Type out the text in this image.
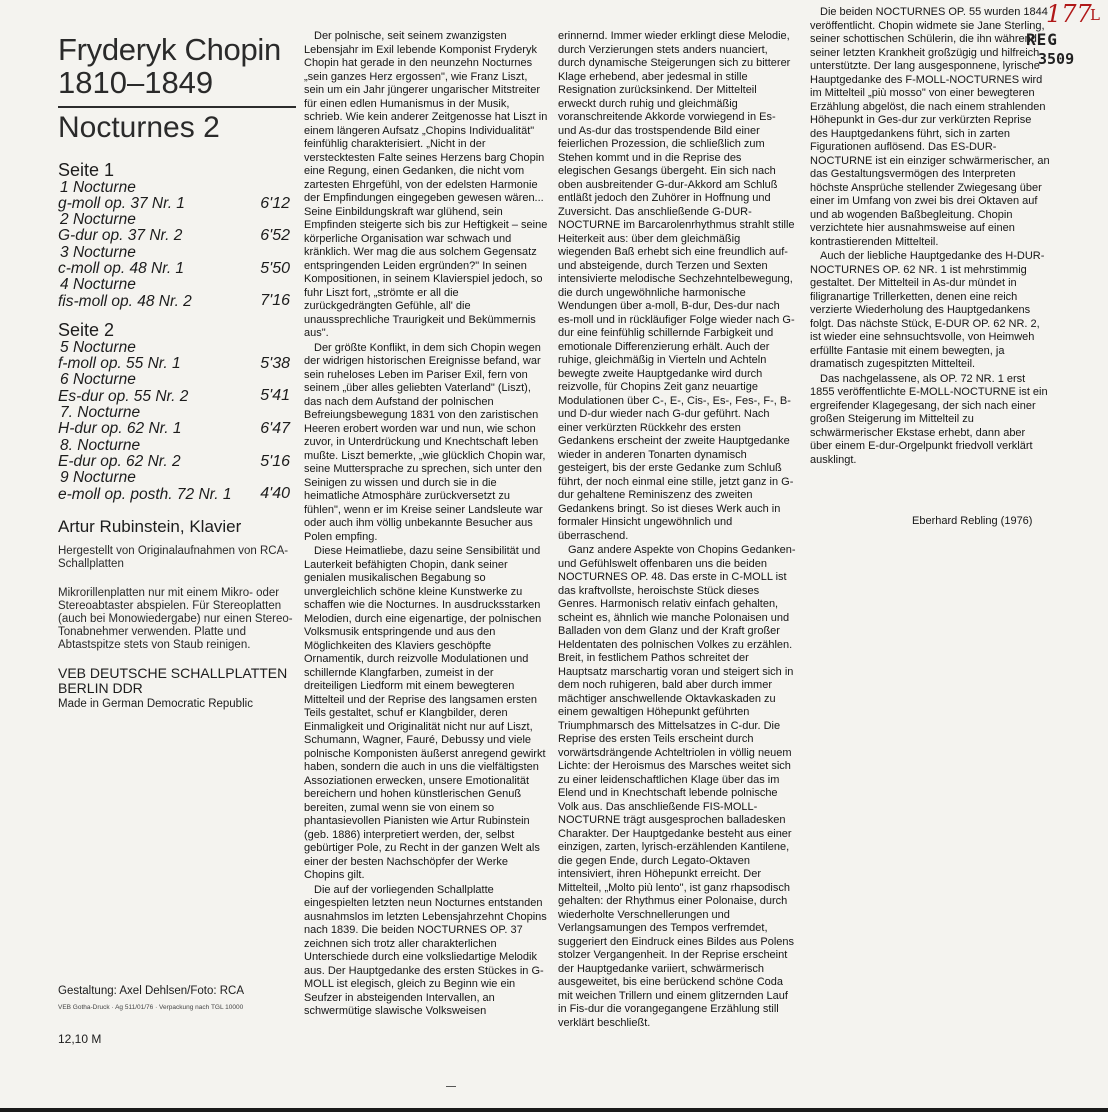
Fryderyk Chopin
1810–1849
Nocturnes 2
Seite 1
1 Nocturne
g-moll op. 37 Nr. 1	6'12
2 Nocturne
G-dur op. 37 Nr. 2	6'52
3 Nocturne
c-moll op. 48 Nr. 1	5'50
4 Nocturne
fis-moll op. 48 Nr. 2	7'16
Seite 2
5 Nocturne
f-moll op. 55 Nr. 1	5'38
6 Nocturne
Es-dur op. 55 Nr. 2	5'41
7. Nocturne
H-dur op. 62 Nr. 1	6'47
8. Nocturne
E-dur op. 62 Nr. 2	5'16
9 Nocturne
e-moll op. posth. 72 Nr. 1	4'40
Artur Rubinstein, Klavier
Hergestellt von Originalaufnahmen von RCA-Schallplatten
Mikrorillenplatten nur mit einem Mikro- oder Stereoabtaster abspielen. Für Stereoplatten (auch bei Monowiedergabe) nur einen Stereo-Tonabnehmer verwenden. Platte und Abtastspitze stets von Staub reinigen.
VEB DEUTSCHE SCHALLPLATTEN
BERLIN DDR
Made in German Democratic Republic
Gestaltung: Axel Dehlsen/Foto: RCA
VEB Gotha-Druck · Ag 511/01/76 · Verpackung nach TGL 10000
12,10 M

Der polnische, seit seinem zwanzigsten Lebensjahr im Exil lebende Komponist Fryderyk Chopin hat gerade in den neunzehn Nocturnes „sein ganzes Herz ergossen", wie Franz Liszt, sein um ein Jahr jüngerer ungarischer Mitstreiter für einen edlen Humanismus in der Musik, schrieb. Wie kein anderer Zeitgenosse hat Liszt in einem längeren Aufsatz „Chopins Individualität" feinfühlig charakterisiert. „Nicht in der verstecktesten Falte seines Herzens barg Chopin eine Regung, einen Gedanken, die nicht vom zartesten Ehrgefühl, von der edelsten Harmonie der Empfindungen eingegeben gewesen wären... Seine Einbildungskraft war glühend, sein Empfinden steigerte sich bis zur Heftigkeit – seine körperliche Organisation war schwach und kränklich. Wer mag die aus solchem Gegensatz entspringenden Leiden ergründen?" In seinen Kompositionen, in seinem Klavierspiel jedoch, so fuhr Liszt fort, „strömte er all die zurückgedrängten Gefühle, all' die unaussprechliche Traurigkeit und Bekümmernis aus".

Der größte Konflikt, in dem sich Chopin wegen der widrigen historischen Ereignisse befand, war sein ruheloses Leben im Pariser Exil, fern von seinem „über alles geliebten Vaterland" (Liszt), das nach dem Aufstand der polnischen Befreiungsbewegung 1831 von den zaristischen Heeren erobert worden war und nun, wie schon zuvor, in Unterdrückung und Knechtschaft leben mußte. Liszt bemerkte, „wie glücklich Chopin war, seine Muttersprache zu sprechen, sich unter den Seinigen zu wissen und durch sie in die heimatliche Atmosphäre zurückversetzt zu fühlen", wenn er im Kreise seiner Landsleute war oder auch ihm völlig unbekannte Besucher aus Polen empfing.

Diese Heimatliebe, dazu seine Sensibilität und Lauterkeit befähigten Chopin, dank seiner genialen musikalischen Begabung so unvergleichlich schöne kleine Kunstwerke zu schaffen wie die Nocturnes. In ausdrucksstarken Melodien, durch eine eigenartige, der polnischen Volksmusik entspringende und aus den Möglichkeiten des Klaviers geschöpfte Ornamentik, durch reizvolle Modulationen und schillernde Klangfarben, zumeist in der dreiteiligen Liedform mit einem bewegteren Mittelteil und der Reprise des langsamen ersten Teils gestaltet, schuf er Klangbilder, deren Einmaligkeit und Originalität nicht nur auf Liszt, Schumann, Wagner, Fauré, Debussy und viele polnische Komponisten äußerst anregend gewirkt haben, sondern die auch in uns die vielfältigsten Assoziationen erwecken, unsere Emotionalität bereichern und hohen künstlerischen Genuß bereiten, zumal wenn sie von einem so phantasievollen Pianisten wie Artur Rubinstein (geb. 1886) interpretiert werden, der, selbst gebürtiger Pole, zu Recht in der ganzen Welt als einer der besten Nachschöpfer der Werke Chopins gilt.

Die auf der vorliegenden Schallplatte eingespielten letzten neun Nocturnes entstanden ausnahmslos im letzten Lebensjahrzehnt Chopins nach 1839. Die beiden NOCTURNES OP. 37 zeichnen sich trotz aller charakterlichen Unterschiede durch eine volksliedartige Melodik aus. Der Hauptgedanke des ersten Stückes in G-MOLL ist elegisch, gleich zu Beginn wie ein Seufzer in absteigenden Intervallen, an schwermütige slawische Volksweisen

erinnernd. Immer wieder erklingt diese Melodie, durch Verzierungen stets anders nuanciert, durch dynamische Steigerungen sich zu bitterer Klage erhebend, aber jedesmal in stille Resignation zurücksinkend. Der Mittelteil erweckt durch ruhig und gleichmäßig voranschreitende Akkorde vorwiegend in Es- und As-dur das trostspendende Bild einer feierlichen Prozession, die schließlich zum Stehen kommt und in die Reprise des elegischen Gesangs übergeht. Ein sich nach oben ausbreitender G-dur-Akkord am Schluß entläßt jedoch den Zuhörer in Hoffnung und Zuversicht. Das anschließende G-DUR-NOCTURNE im Barcarolenrhythmus strahlt stille Heiterkeit aus: über dem gleichmäßig wiegenden Baß erhebt sich eine freundlich auf- und absteigende, durch Terzen und Sexten intensivierte melodische Sechzehntelbewegung, die durch ungewöhnliche harmonische Wendungen über a-moll, B-dur, Des-dur nach es-moll und in rückläufiger Folge wieder nach G-dur eine feinfühlig schillernde Farbigkeit und emotionale Differenzierung erhält. Auch der ruhige, gleichmäßig in Vierteln und Achteln bewegte zweite Hauptgedanke wird durch reizvolle, für Chopins Zeit ganz neuartige Modulationen über C-, E-, Cis-, Es-, Fes-, F-, B- und D-dur wieder nach G-dur geführt. Nach einer verkürzten Rückkehr des ersten Gedankens erscheint der zweite Hauptgedanke wieder in anderen Tonarten dynamisch gesteigert, bis der erste Gedanke zum Schluß führt, der noch einmal eine stille, jetzt ganz in G-dur gehaltene Reminiszenz des zweiten Gedankens bringt. So ist dieses Werk auch in formaler Hinsicht ungewöhnlich und überraschend.

Ganz andere Aspekte von Chopins Gedanken- und Gefühlswelt offenbaren uns die beiden NOCTURNES OP. 48. Das erste in C-MOLL ist das kraftvollste, heroischste Stück dieses Genres. Harmonisch relativ einfach gehalten, scheint es, ähnlich wie manche Polonaisen und Balladen von dem Glanz und der Kraft großer Heldentaten des polnischen Volkes zu erzählen. Breit, in festlichem Pathos schreitet der Hauptsatz marschartig voran und steigert sich in dem noch ruhigeren, bald aber durch immer mächtiger anschwellende Oktavkaskaden zu einem gewaltigen Höhepunkt geführten Triumphmarsch des Mittelsatzes in C-dur. Die Reprise des ersten Teils erscheint durch vorwärtsdrängende Achteltriolen in völlig neuem Lichte: der Heroismus des Marsches weitet sich zu einer leidenschaftlichen Klage über das im Elend und in Knechtschaft lebende polnische Volk aus. Das anschließende FIS-MOLL-NOCTURNE trägt ausgesprochen balladesken Charakter. Der Hauptgedanke besteht aus einer einzigen, zarten, lyrisch-erzählenden Kantilene, die gegen Ende, durch Legato-Oktaven intensiviert, ihren Höhepunkt erreicht. Der Mittelteil, „Molto più lento", ist ganz rhapsodisch gehalten: der Rhythmus einer Polonaise, durch wiederholte Verschnellerungen und Verlangsamungen des Tempos verfremdet, suggeriert den Eindruck eines Bildes aus Polens stolzer Vergangenheit. In der Reprise erscheint der Hauptgedanke variiert, schwärmerisch ausgeweitet, bis eine berückend schöne Coda mit weichen Trillern und einem glitzernden Lauf in Fis-dur die vorangegangene Erzählung still verklärt beschließt.

Die beiden NOCTURNES OP. 55 wurden 1844 veröffentlicht. Chopin widmete sie Jane Sterling, seiner schottischen Schülerin, die ihn während seiner letzten Krankheit großzügig und hilfreich unterstützte. Der lang ausgesponnene, lyrische Hauptgedanke des F-MOLL-NOCTURNES wird im Mittelteil „più mosso" von einer bewegteren Erzählung abgelöst, die nach einem strahlenden Höhepunkt in Ges-dur zur verkürzten Reprise des Hauptgedankens führt, sich in zarten Figurationen auflösend. Das ES-DUR-NOCTURNE ist ein einziger schwärmerischer, an das Gestaltungsvermögen des Interpreten höchste Ansprüche stellender Zwiegesang über einer im Umfang von zwei bis drei Oktaven auf und ab wogenden Baßbegleitung. Chopin verzichtete hier ausnahmsweise auf einen kontrastierenden Mittelteil.

Auch der liebliche Hauptgedanke des H-DUR-NOCTURNES OP. 62 NR. 1 ist mehrstimmig gestaltet. Der Mittelteil in As-dur mündet in filigranartige Trillerketten, denen eine reich verzierte Wiederholung des Hauptgedankens folgt. Das nächste Stück, E-DUR OP. 62 NR. 2, ist wieder eine sehnsuchtsvolle, von Heimweh erfüllte Fantasie mit einem bewegten, ja dramatisch zugespitzten Mittelteil.

Das nachgelassene, als OP. 72 NR. 1 erst 1855 veröffentlichte E-MOLL-NOCTURNE ist ein ergreifender Klagegesang, der sich nach einer großen Steigerung im Mittelteil zu schwärmerischer Ekstase erhebt, dann aber über einem E-dur-Orgelpunkt friedvoll verklärt ausklingt.

Eberhard Rebling (1976)
177
L
REG
3509
